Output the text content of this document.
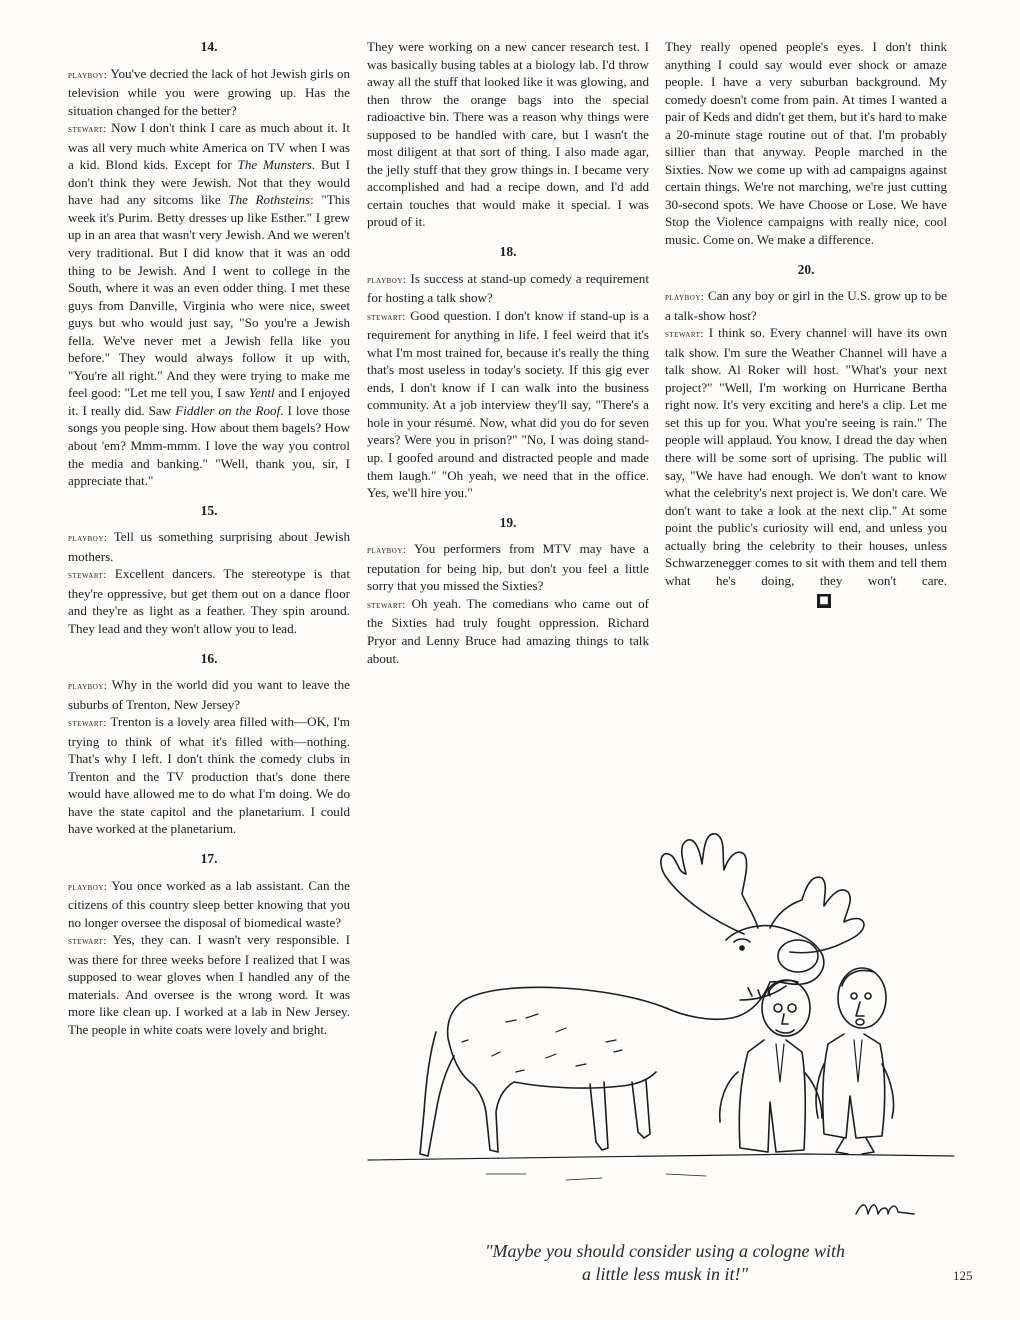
14.

playboy: You've decried the lack of hot Jewish girls on television while you were growing up. Has the situation changed for the better?

stewart: Now I don't think I care as much about it. It was all very much white America on TV when I was a kid. Blond kids. Except for The Munsters. But I don't think they were Jewish. Not that they would have had any sitcoms like The Rothsteins: "This week it's Purim. Betty dresses up like Esther." I grew up in an area that wasn't very Jewish. And we weren't very traditional. But I did know that it was an odd thing to be Jewish. And I went to college in the South, where it was an even odder thing. I met these guys from Danville, Virginia who were nice, sweet guys but who would just say, "So you're a Jewish fella. We've never met a Jewish fella like you before." They would always follow it up with, "You're all right." And they were trying to make me feel good: "Let me tell you, I saw Yentl and I enjoyed it. I really did. Saw Fiddler on the Roof. I love those songs you people sing. How about them bagels? How about 'em? Mmm-mmm. I love the way you control the media and banking." "Well, thank you, sir, I appreciate that."

15.

playboy: Tell us something surprising about Jewish mothers.

stewart: Excellent dancers. The stereotype is that they're oppressive, but get them out on a dance floor and they're as light as a feather. They spin around. They lead and they won't allow you to lead.

16.

playboy: Why in the world did you want to leave the suburbs of Trenton, New Jersey?

stewart: Trenton is a lovely area filled with—OK, I'm trying to think of what it's filled with—nothing. That's why I left. I don't think the comedy clubs in Trenton and the TV production that's done there would have allowed me to do what I'm doing. We do have the state capitol and the planetarium. I could have worked at the planetarium.

17.

playboy: You once worked as a lab assistant. Can the citizens of this country sleep better knowing that you no longer oversee the disposal of biomedical waste?

stewart: Yes, they can. I wasn't very responsible. I was there for three weeks before I realized that I was supposed to wear gloves when I handled any of the materials. And oversee is the wrong word. It was more like clean up. I worked at a lab in New Jersey. The people in white coats were lovely and bright.

They were working on a new cancer research test. I was basically busing tables at a biology lab. I'd throw away all the stuff that looked like it was glowing, and then throw the orange bags into the special radioactive bin. There was a reason why things were supposed to be handled with care, but I wasn't the most diligent at that sort of thing. I also made agar, the jelly stuff that they grow things in. I became very accomplished and had a recipe down, and I'd add certain touches that would make it special. I was proud of it.

18.

playboy: Is success at stand-up comedy a requirement for hosting a talk show?

stewart: Good question. I don't know if stand-up is a requirement for anything in life. I feel weird that it's what I'm most trained for, because it's really the thing that's most useless in today's society. If this gig ever ends, I don't know if I can walk into the business community. At a job interview they'll say, "There's a hole in your résumé. Now, what did you do for seven years? Were you in prison?" "No, I was doing stand-up. I goofed around and distracted people and made them laugh." "Oh yeah, we need that in the office. Yes, we'll hire you."

19.

playboy: You performers from MTV may have a reputation for being hip, but don't you feel a little sorry that you missed the Sixties?

stewart: Oh yeah. The comedians who came out of the Sixties had truly fought oppression. Richard Pryor and Lenny Bruce had amazing things to talk about.

They really opened people's eyes. I don't think anything I could say would ever shock or amaze people. I have a very suburban background. My comedy doesn't come from pain. At times I wanted a pair of Keds and didn't get them, but it's hard to make a 20-minute stage routine out of that. I'm probably sillier than that anyway. People marched in the Sixties. Now we come up with ad campaigns against certain things. We're not marching, we're just cutting 30-second spots. We have Choose or Lose. We have Stop the Violence campaigns with really nice, cool music. Come on. We make a difference.

20.

playboy: Can any boy or girl in the U.S. grow up to be a talk-show host?

stewart: I think so. Every channel will have its own talk show. I'm sure the Weather Channel will have a talk show. Al Roker will host. "What's your next project?" "Well, I'm working on Hurricane Bertha right now. It's very exciting and here's a clip. Let me set this up for you. What you're seeing is rain." The people will applaud. You know, I dread the day when there will be some sort of uprising. The public will say, "We have had enough. We don't want to know what the celebrity's next project is. We don't care. We don't want to take a look at the next clip." At some point the public's curiosity will end, and unless you actually bring the celebrity to their houses, unless Schwarzenegger comes to sit with them and tell them what he's doing, they won't care.■

"Maybe you should consider using a cologne with
a little less musk in it!"	125
